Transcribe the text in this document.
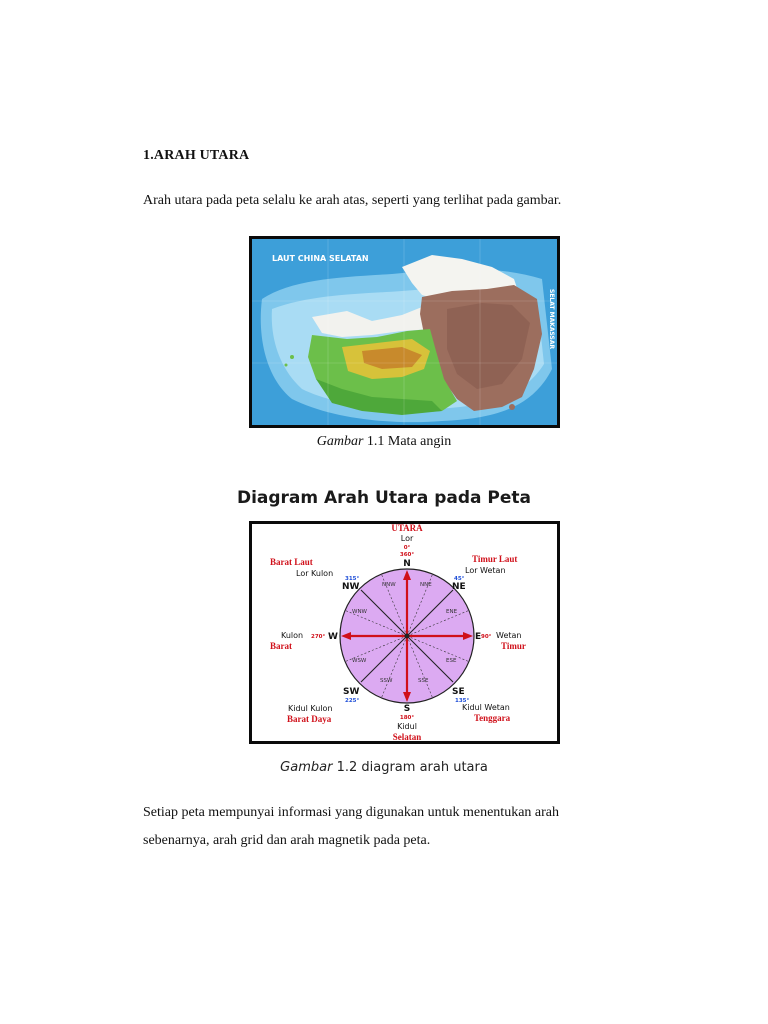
1.ARAH UTARA
Arah utara pada peta selalu ke arah atas, seperti yang terlihat pada gambar.
LAUT CHINA SELATAN
SELAT MAKASSAR
Gambar 1.1 Mata angin
Diagram Arah Utara pada Peta
NNW	NNE
WNW	ENE
WSW	ESE
SSW	SSE
UTARA
Lor
0°
360°
N	Timur Laut
Lor Wetan
45°
NE
Barat Laut
Lor Kulon
315°
NW
Kulon 270° W
Barat
E 90° Wetan
Timur
SW
225°
Kidul Kulon
Barat Daya
SE
135°
Kidul Wetan
Tenggara
S
180°
Kidul
Selatan
Gambar 1.2 diagram arah utara
Setiap peta mempunyai informasi yang digunakan untuk menentukan arah sebenarnya, arah grid dan arah magnetik pada peta.
